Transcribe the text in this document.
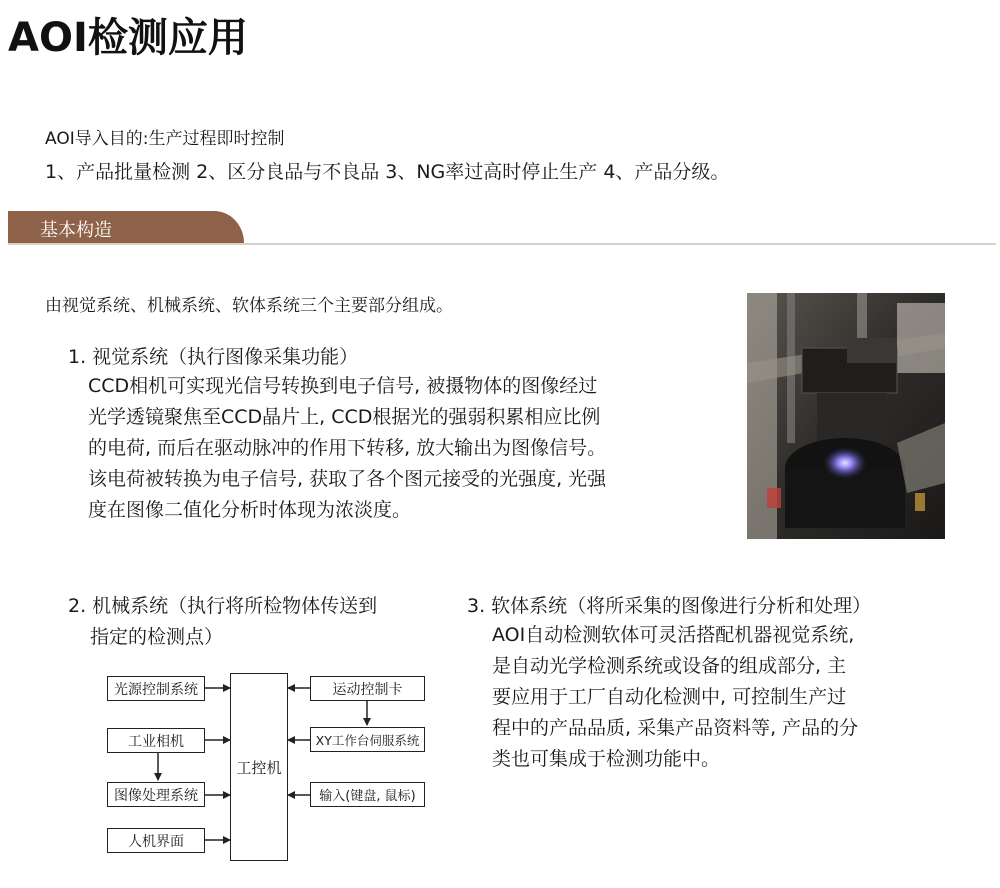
AOI检测应用
AOI导入目的:生产过程即时控制
1、产品批量检测 2、区分良品与不良品 3、NG率过高时停止生产 4、产品分级。
基本构造
由视觉系统、机械系统、软体系统三个主要部分组成。
1. 视觉系统（执行图像采集功能）
CCD相机可实现光信号转换到电子信号, 被摄物体的图像经过
光学透镜聚焦至CCD晶片上, CCD根据光的强弱积累相应比例
的电荷, 而后在驱动脉冲的作用下转移, 放大输出为图像信号。
该电荷被转换为电子信号, 获取了各个图元接受的光强度, 光强
度在图像二值化分析时体现为浓淡度。
2. 机械系统（执行将所检物体传送到
指定的检测点）
3. 软体系统（将所采集的图像进行分析和处理）
AOI自动检测软体可灵活搭配机器视觉系统,
是自动光学检测系统或设备的组成部分, 主
要应用于工厂自动化检测中, 可控制生产过
程中的产品品质, 采集产品资料等, 产品的分
类也可集成于检测功能中。
工控机
光源控制系统
工业相机
图像处理系统
人机界面
运动控制卡
XY工作台伺服系统
输入(键盘, 鼠标)
